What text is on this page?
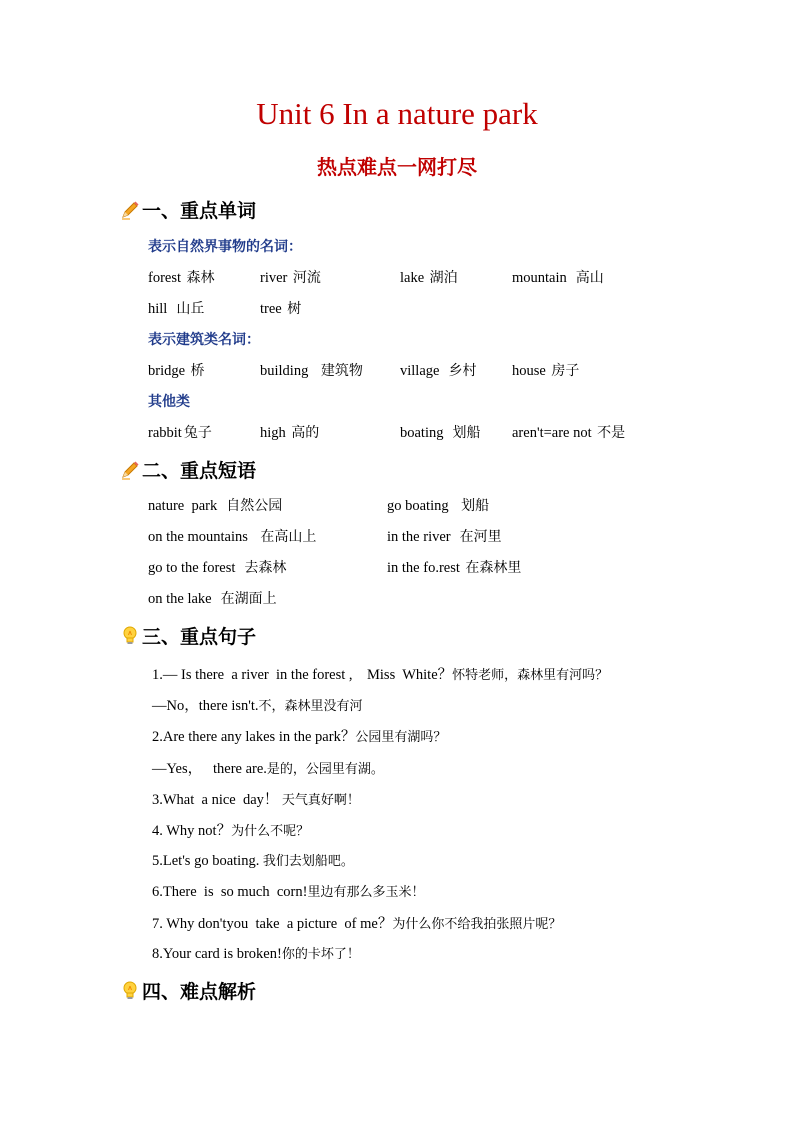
Unit 6 In a nature park
热点难点一网打尽
一、重点单词
表示自然界事物的名词：
forest 森林	river 河流	lake 湖泊	mountain 高山
hill 山丘	tree 树
表示建筑类名词：
bridge 桥	building 建筑物	village 乡村 house 房子
其他类
rabbit 兔子	high 高的	boating 划船 aren't=are not 不是
二、重点短语
nature  park 自然公园	go boating 划船
on the mountains 在高山上	in the river 在河里
go to the forest 去森林	in the fo.rest 在森林里
on the lake 在湖面上
三、重点句子
1.— Is there  a river  in the forest ,    Miss  White？怀特老师，森林里有河吗？
—No，there isn't.不，森林里没有河
2.Are there any lakes in the park？公园里有湖吗？
—Yes，   there are.是的，公园里有湖。
3.What  a nice  day！ 天气真好啊！
4. Why not？为什么不呢？
5.Let's go boating. 我们去划船吧。
6.There  is  so much  corn!里边有那么多玉米！
7. Why don'tyou  take  a picture  of me？为什么你不给我拍张照片呢？
8.Your card is broken!你的卡坏了！
四、难点解析
